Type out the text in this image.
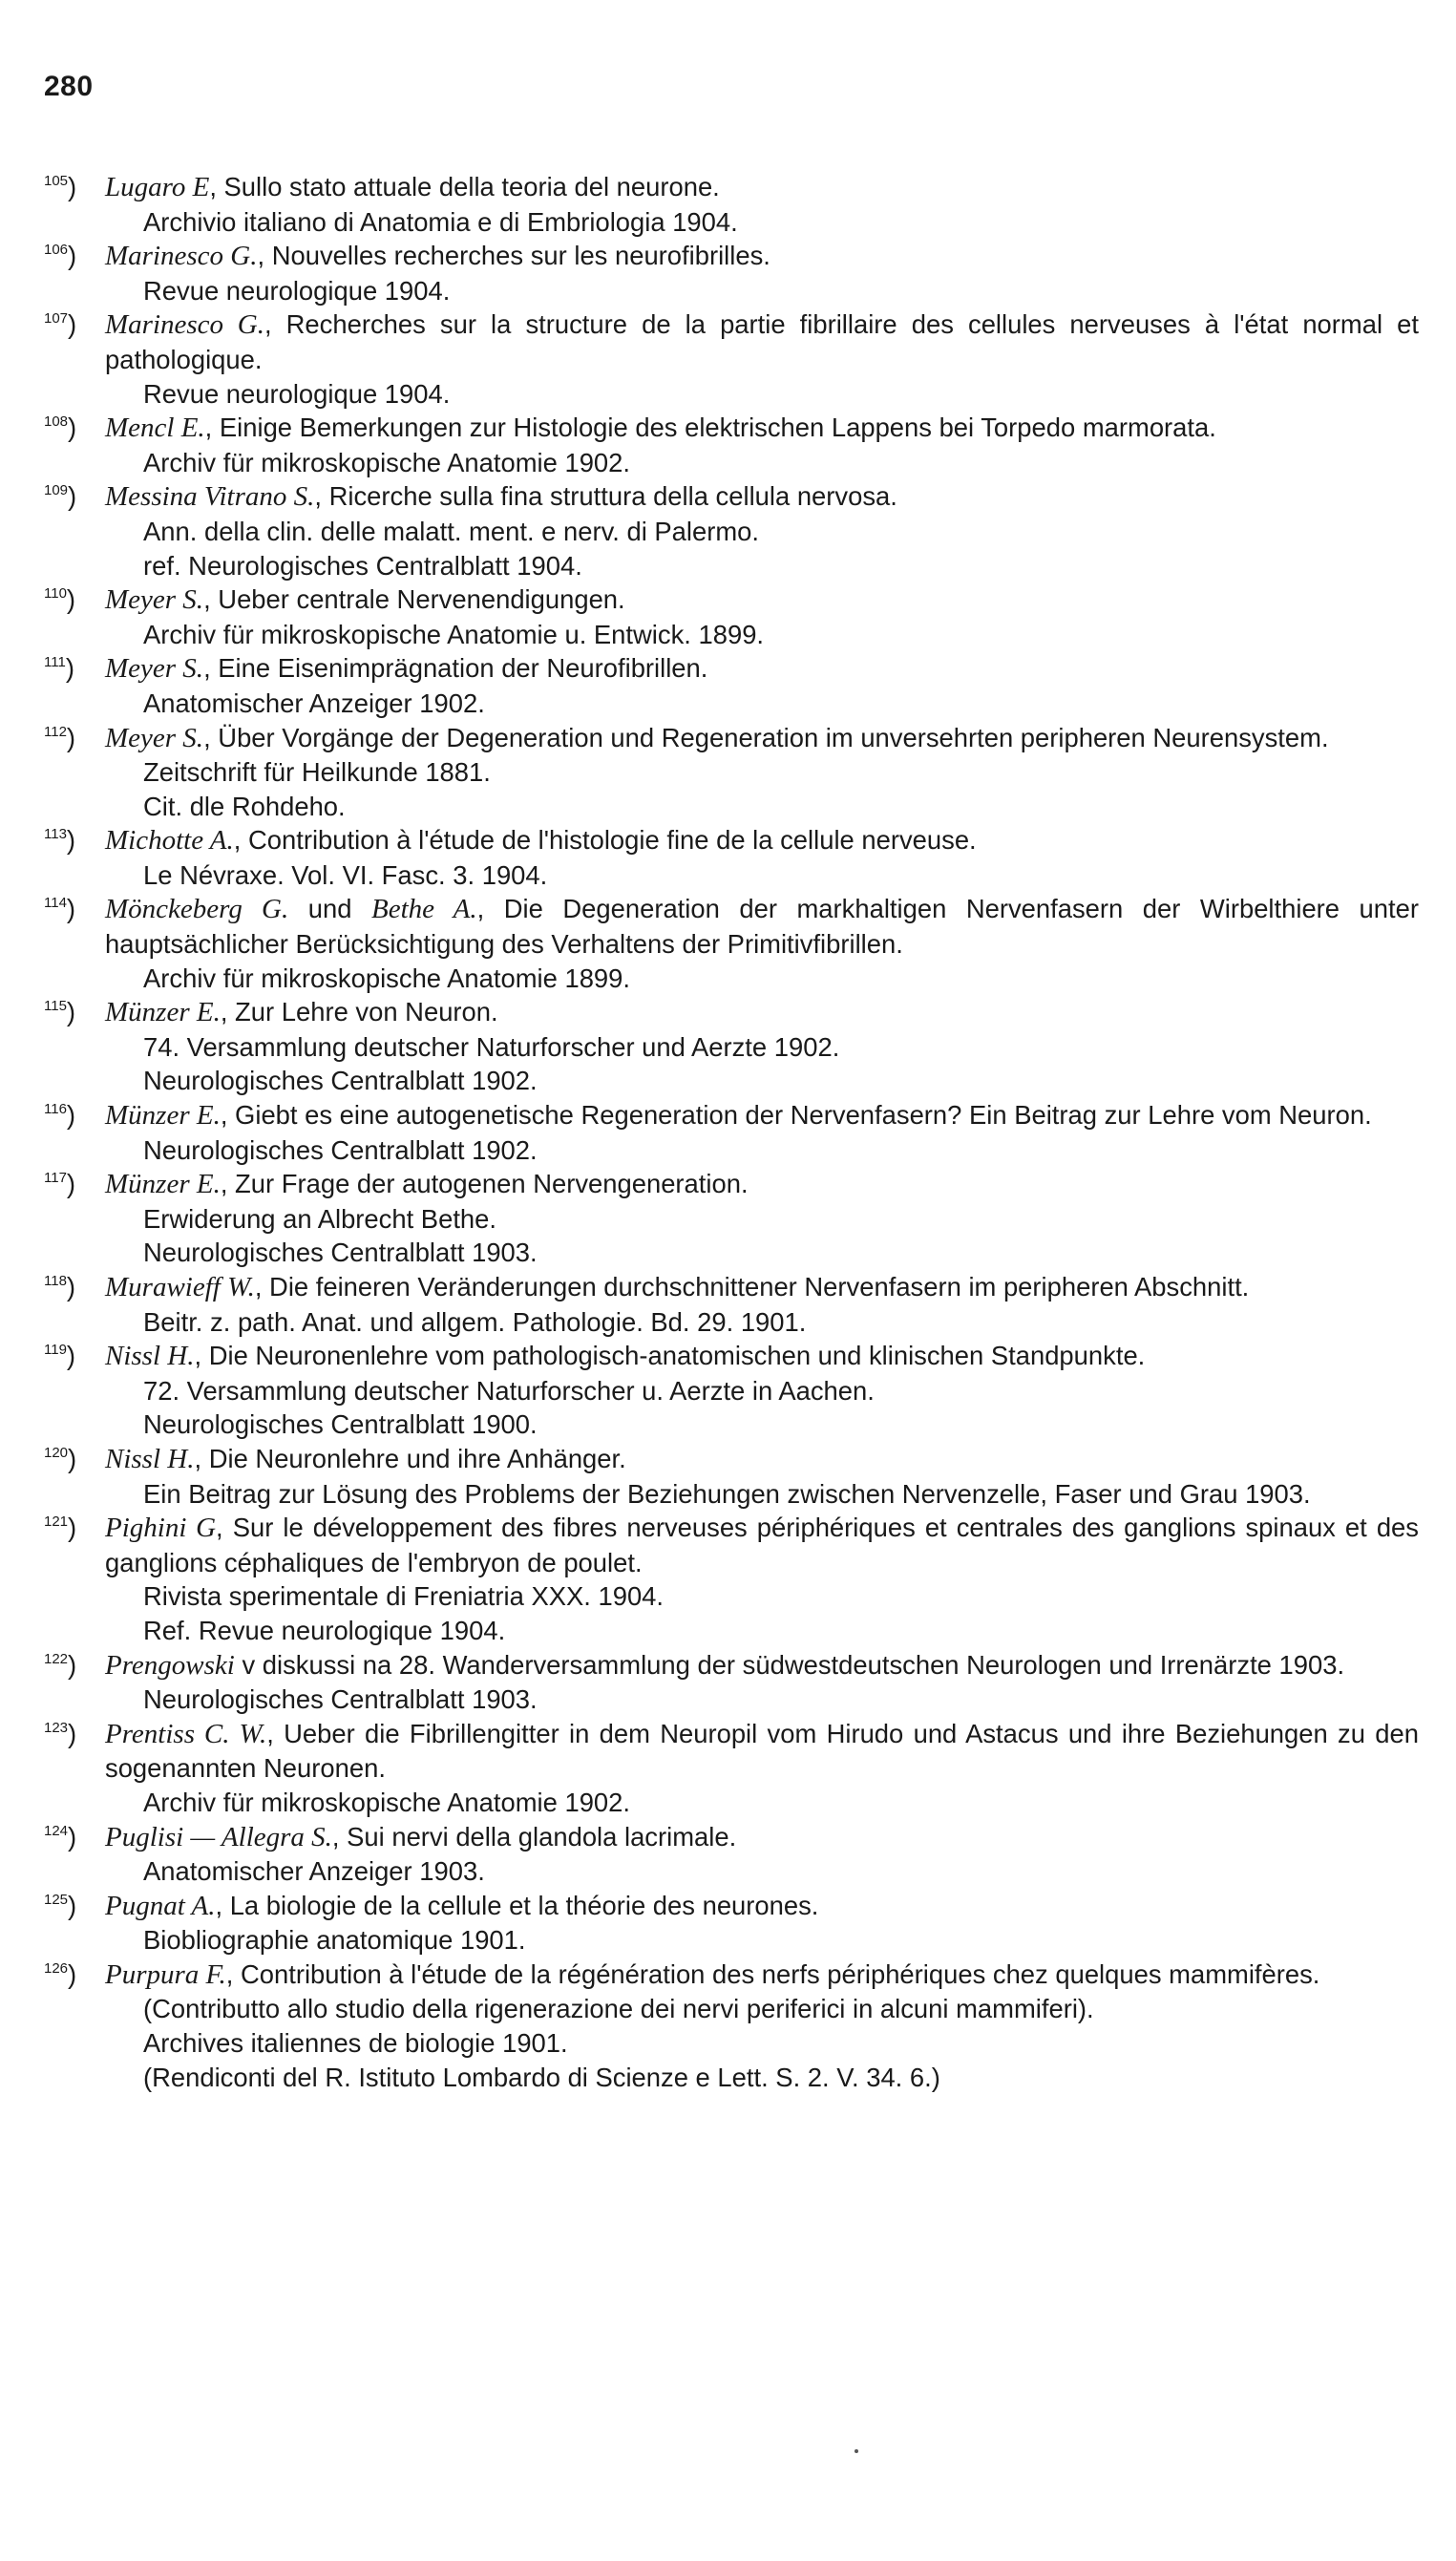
280
$^{105}$)	Lugaro E, Sullo stato attuale della teoria del neurone.
Archivio italiano di Anatomia e di Embriologia 1904.
$^{106}$)	Marinesco G., Nouvelles recherches sur les neurofibrilles.
Revue neurologique 1904.
$^{107}$)	Marinesco G., Recherches sur la structure de la partie fibrillaire des cellules nerveuses à l'état normal et pathologique.
Revue neurologique 1904.
$^{108}$)	Mencl E., Einige Bemerkungen zur Histologie des elektrischen Lappens bei Torpedo marmorata.
Archiv für mikroskopische Anatomie 1902.
$^{109}$)	Messina Vitrano S., Ricerche sulla fina struttura della cellula nervosa.
Ann. della clin. delle malatt. ment. e nerv. di Palermo.
ref. Neurologisches Centralblatt 1904.
$^{110}$)	Meyer S., Ueber centrale Nervenendigungen.
Archiv für mikroskopische Anatomie u. Entwick. 1899.
$^{111}$)	Meyer S., Eine Eisenimprägnation der Neurofibrillen.
Anatomischer Anzeiger 1902.
$^{112}$)	Meyer S., Über Vorgänge der Degeneration und Regeneration im unversehrten peripheren Neurensystem.
Zeitschrift für Heilkunde 1881.
Cit. dle Rohdeho.
$^{113}$)	Michotte A., Contribution à l'étude de l'histologie fine de la cellule nerveuse.
Le Névraxe. Vol. VI. Fasc. 3. 1904.
$^{114}$)	Mönckeberg G. und Bethe A., Die Degeneration der markhaltigen Nervenfasern der Wirbelthiere unter hauptsächlicher Berücksichtigung des Verhaltens der Primitivfibrillen.
Archiv für mikroskopische Anatomie 1899.
$^{115}$)	Münzer E., Zur Lehre von Neuron.
74. Versammlung deutscher Naturforscher und Aerzte 1902.
Neurologisches Centralblatt 1902.
$^{116}$)	Münzer E., Giebt es eine autogenetische Regeneration der Nervenfasern? Ein Beitrag zur Lehre vom Neuron.
Neurologisches Centralblatt 1902.
$^{117}$)	Münzer E., Zur Frage der autogenen Nervengeneration.
Erwiderung an Albrecht Bethe.
Neurologisches Centralblatt 1903.
$^{118}$)	Murawieff W., Die feineren Veränderungen durchschnittener Nervenfasern im peripheren Abschnitt.
Beitr. z. path. Anat. und allgem. Pathologie. Bd. 29. 1901.
$^{119}$)	Nissl H., Die Neuronenlehre vom pathologisch-anatomischen und klinischen Standpunkte.
72. Versammlung deutscher Naturforscher u. Aerzte in Aachen.
Neurologisches Centralblatt 1900.
$^{120}$)	Nissl H., Die Neuronlehre und ihre Anhänger.
Ein Beitrag zur Lösung des Problems der Beziehungen zwischen Nervenzelle, Faser und Grau 1903.
$^{121}$)	Pighini G, Sur le développement des fibres nerveuses périphériques et centrales des ganglions spinaux et des ganglions céphaliques de l'embryon de poulet.
Rivista sperimentale di Freniatria XXX. 1904.
Ref. Revue neurologique 1904.
$^{122}$)	Prengowski v diskussi na 28. Wanderversammlung der südwestdeutschen Neurologen und Irrenärzte 1903.
Neurologisches Centralblatt 1903.
$^{123}$)	Prentiss C. W., Ueber die Fibrillengitter in dem Neuropil vom Hirudo und Astacus und ihre Beziehungen zu den sogenannten Neuronen.
Archiv für mikroskopische Anatomie 1902.
$^{124}$)	Puglisi — Allegra S., Sui nervi della glandola lacrimale.
Anatomischer Anzeiger 1903.
$^{125}$)	Pugnat A., La biologie de la cellule et la théorie des neurones.
Biobliographie anatomique 1901.
$^{126}$)	Purpura F., Contribution à l'étude de la régénération des nerfs périphériques chez quelques mammifères.
(Contributto allo studio della rigenerazione dei nervi periferici in alcuni mammiferi).
Archives italiennes de biologie 1901.
(Rendiconti del R. Istituto Lombardo di Scienze e Lett. S. 2. V. 34. 6.)
